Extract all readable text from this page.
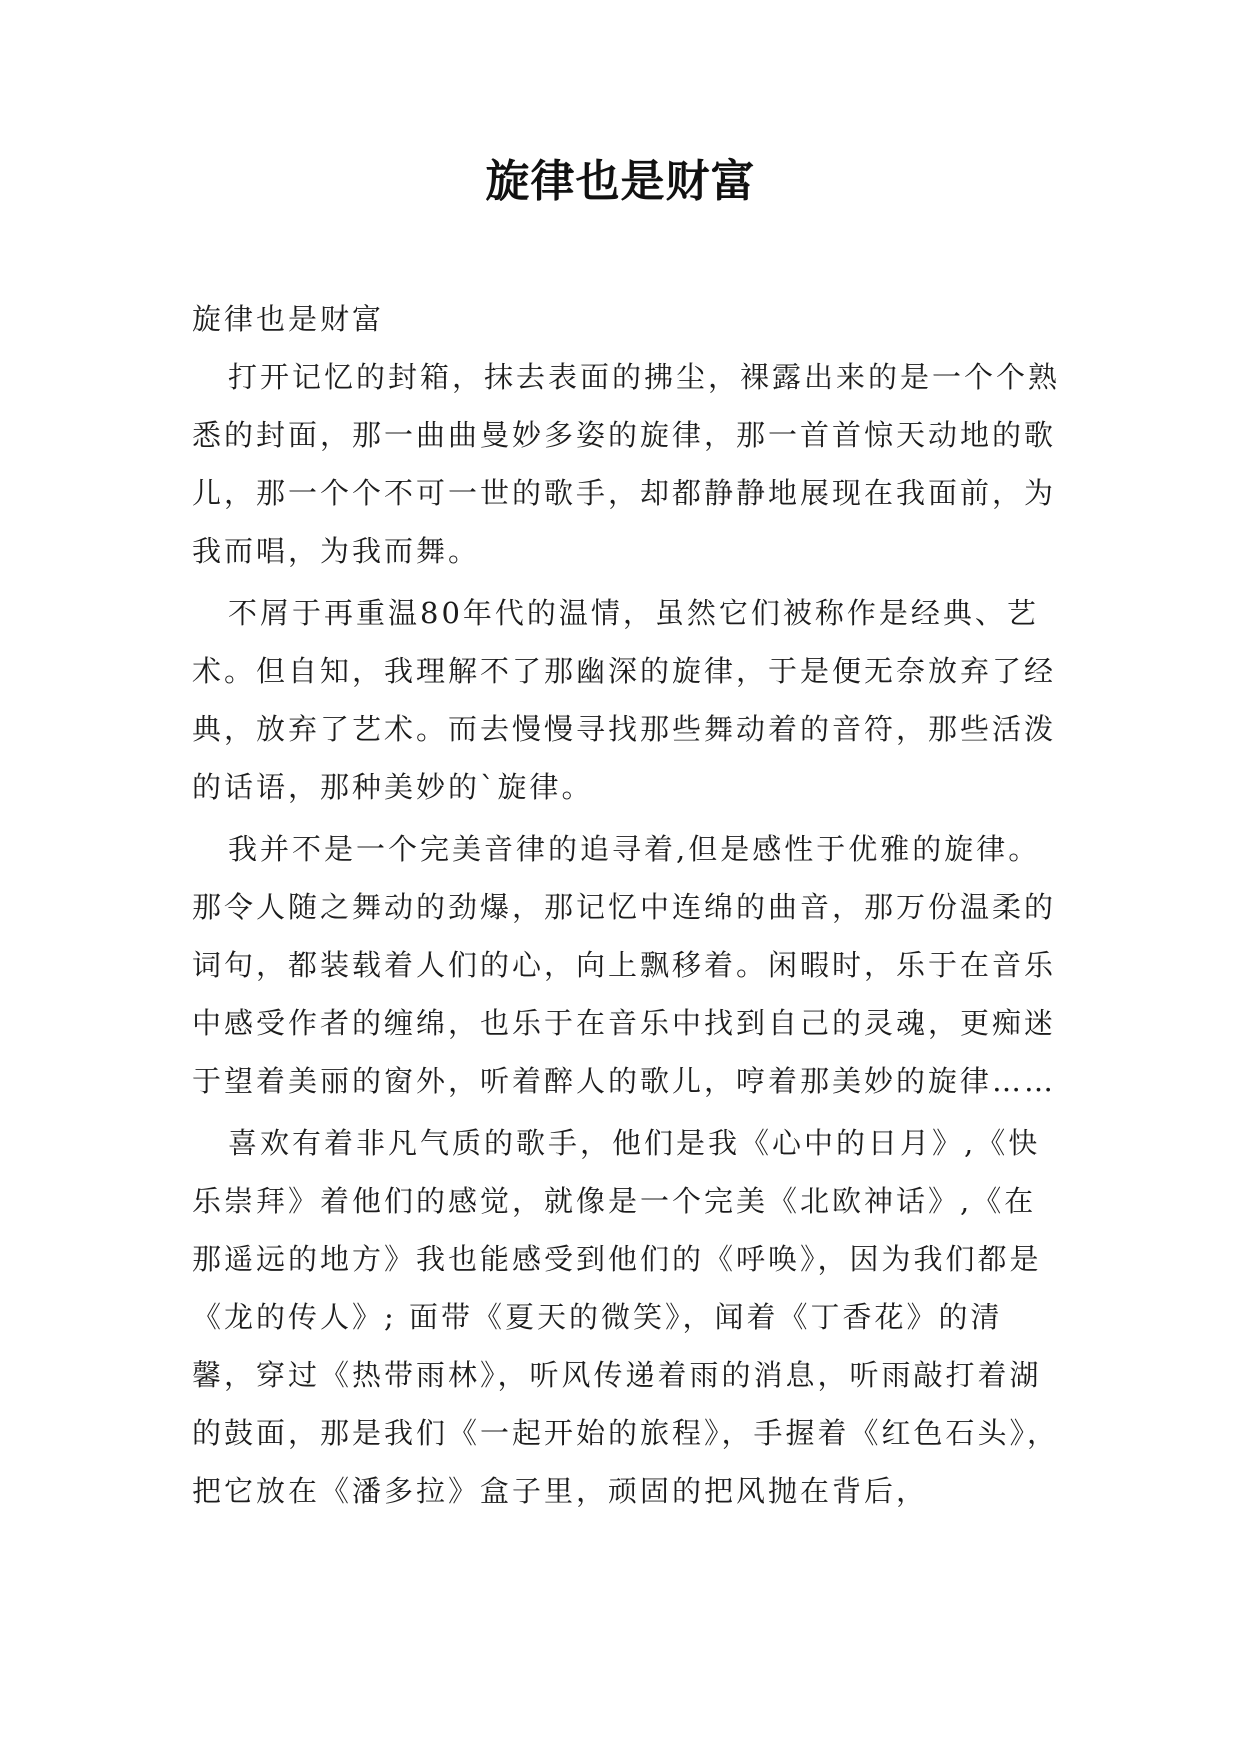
旋律也是财富

旋律也是财富

打开记忆的封箱，抹去表面的拂尘，裸露出来的是一个个熟悉的封面，那一曲曲曼妙多姿的旋律，那一首首惊天动地的歌儿，那一个个不可一世的歌手，却都静静地展现在我面前，为我而唱，为我而舞。

不屑于再重温80年代的温情，虽然它们被称作是经典、艺术。但自知，我理解不了那幽深的旋律，于是便无奈放弃了经典，放弃了艺术。而去慢慢寻找那些舞动着的音符，那些活泼的话语，那种美妙的`旋律。

我并不是一个完美音律的追寻着,但是感性于优雅的旋律。那令人随之舞动的劲爆，那记忆中连绵的曲音，那万份温柔的词句，都装载着人们的心，向上飘移着。闲暇时，乐于在音乐中感受作者的缠绵，也乐于在音乐中找到自己的灵魂，更痴迷于望着美丽的窗外，听着醉人的歌儿，哼着那美妙的旋律……

喜欢有着非凡气质的歌手，他们是我《心中的日月》,《快乐崇拜》着他们的感觉，就像是一个完美《北欧神话》,《在那遥远的地方》我也能感受到他们的《呼唤》，因为我们都是《龙的传人》; 面带《夏天的微笑》，闻着《丁香花》的清馨，穿过《热带雨林》，听风传递着雨的消息，听雨敲打着湖的鼓面，那是我们《一起开始的旅程》，手握着《红色石头》，把它放在《潘多拉》盒子里，顽固的把风抛在背后，
